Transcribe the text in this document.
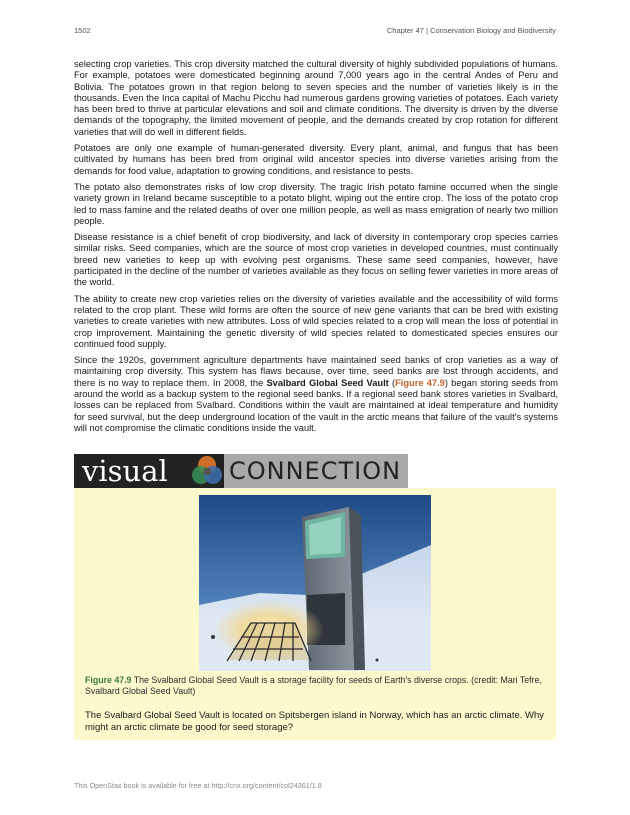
1502	Chapter 47 | Conservation Biology and Biodiversity

selecting crop varieties. This crop diversity matched the cultural diversity of highly subdivided populations of humans. For example, potatoes were domesticated beginning around 7,000 years ago in the central Andes of Peru and Bolivia. The potatoes grown in that region belong to seven species and the number of varieties likely is in the thousands. Even the Inca capital of Machu Picchu had numerous gardens growing varieties of potatoes. Each variety has been bred to thrive at particular elevations and soil and climate conditions. The diversity is driven by the diverse demands of the topography, the limited movement of people, and the demands created by crop rotation for different varieties that will do well in different fields.

Potatoes are only one example of human-generated diversity. Every plant, animal, and fungus that has been cultivated by humans has been bred from original wild ancestor species into diverse varieties arising from the demands for food value, adaptation to growing conditions, and resistance to pests.

The potato also demonstrates risks of low crop diversity. The tragic Irish potato famine occurred when the single variety grown in Ireland became susceptible to a potato blight, wiping out the entire crop. The loss of the potato crop led to mass famine and the related deaths of over one million people, as well as mass emigration of nearly two million people.

Disease resistance is a chief benefit of crop biodiversity, and lack of diversity in contemporary crop species carries similar risks. Seed companies, which are the source of most crop varieties in developed countries, must continually breed new varieties to keep up with evolving pest organisms. These same seed companies, however, have participated in the decline of the number of varieties available as they focus on selling fewer varieties in more areas of the world.

The ability to create new crop varieties relies on the diversity of varieties available and the accessibility of wild forms related to the crop plant. These wild forms are often the source of new gene variants that can be bred with existing varieties to create varieties with new attributes. Loss of wild species related to a crop will mean the loss of potential in crop improvement. Maintaining the genetic diversity of wild species related to domesticated species ensures our continued food supply.

Since the 1920s, government agriculture departments have maintained seed banks of crop varieties as a way of maintaining crop diversity. This system has flaws because, over time, seed banks are lost through accidents, and there is no way to replace them. In 2008, the Svalbard Global Seed Vault (Figure 47.9) began storing seeds from around the world as a backup system to the regional seed banks. If a regional seed bank stores varieties in Svalbard, losses can be replaced from Svalbard. Conditions within the vault are maintained at ideal temperature and humidity for seed survival, but the deep underground location of the vault in the arctic means that failure of the vault's systems will not compromise the climatic conditions inside the vault.

visual	CONNECTION
Figure 47.9 The Svalbard Global Seed Vault is a storage facility for seeds of Earth's diverse crops. (credit: Mari Tefre, Svalbard Global Seed Vault)
The Svalbard Global Seed Vault is located on Spitsbergen island in Norway, which has an arctic climate. Why might an arctic climate be good for seed storage?
This OpenStax book is available for free at http://cnx.org/content/col24361/1.8
